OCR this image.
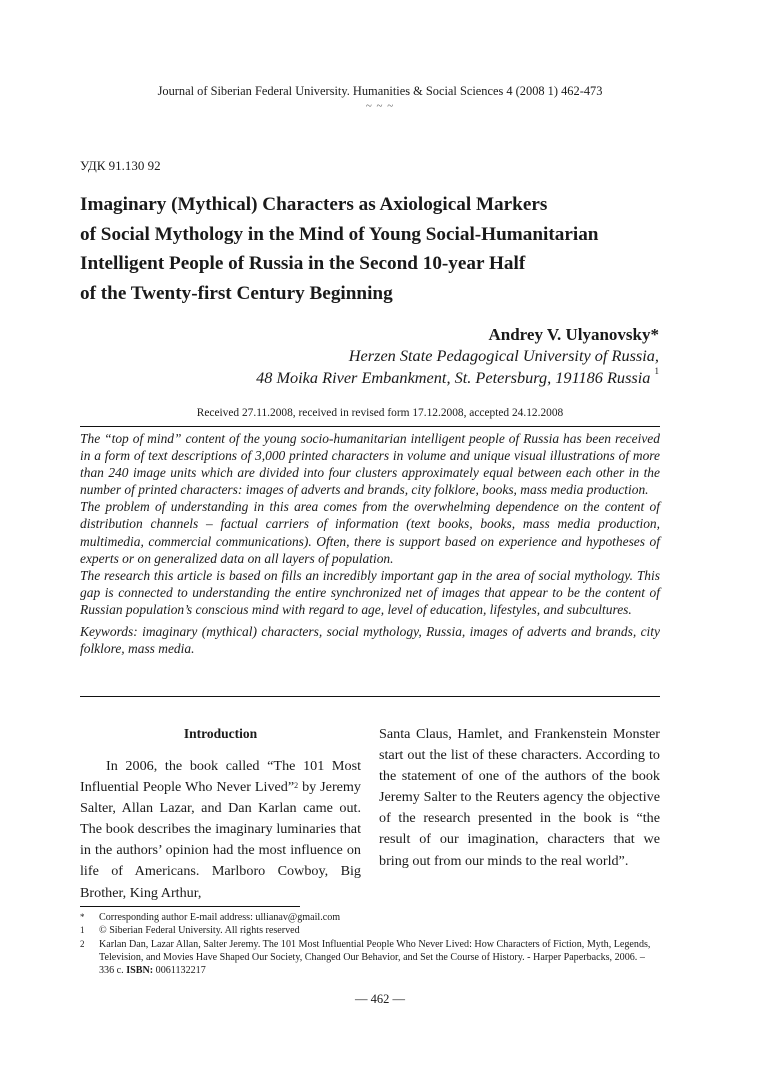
Journal of Siberian Federal University. Humanities & Social Sciences 4 (2008 1) 462-473
~ ~ ~
УДК 91.130 92
Imaginary (Mythical) Characters as Axiological Markers
of Social Mythology in the Mind of Young Social-Humanitarian
Intelligent People of Russia in the Second 10-year Half
of the Twenty-first Century Beginning
Andrey V. Ulyanovsky*
Herzen State Pedagogical University of Russia,
48 Moika River Embankment, St. Petersburg, 191186 Russia $^1$
Received 27.11.2008, received in revised form 17.12.2008, accepted 24.12.2008

The “top of mind” content of the young socio-humanitarian intelligent people of Russia has been received in a form of text descriptions of 3,000 printed characters in volume and unique visual illustrations of more than 240 image units which are divided into four clusters approximately equal between each other in the number of printed characters: images of adverts and brands, city folklore, books, mass media production.

The problem of understanding in this area comes from the overwhelming dependence on the content of distribution channels – factual carriers of information (text books, books, mass media production, multimedia, commercial communications). Often, there is support based on experience and hypotheses of experts or on generalized data on all layers of population.

The research this article is based on fills an incredibly important gap in the area of social mythology. This gap is connected to understanding the entire synchronized net of images that appear to be the content of Russian population’s conscious mind with regard to age, level of education, lifestyles, and subcultures.

Keywords: imaginary (mythical) characters, social mythology, Russia, images of adverts and brands, city folklore, mass media.

Introduction

In 2006, the book called “The 101 Most Influential People Who Never Lived”$^2$ by Jeremy Salter, Allan Lazar, and Dan Karlan came out. The book describes the imaginary luminaries that in the authors’ opinion had the most influence on life of Americans. Marlboro Cowboy, Big Brother, King Arthur,

Santa Claus, Hamlet, and Frankenstein Monster start out the list of these characters. According to the statement of one of the authors of the book Jeremy Salter to the Reuters agency the objective of the research presented in the book is “the result of our imagination, characters that we bring out from our minds to the real world”.

*	Corresponding author E-mail address: ullianav@gmail.com
1	© Siberian Federal University. All rights reserved
2	Karlan Dan, Lazar Allan, Salter Jeremy. The 101 Most Influential People Who Never Lived: How Characters of Fiction, Myth, Legends, Television, and Movies Have Shaped Our Society, Changed Our Behavior, and Set the Course of History. - Harper Paperbacks, 2006. – 336 с. ISBN: 0061132217
— 462 —
